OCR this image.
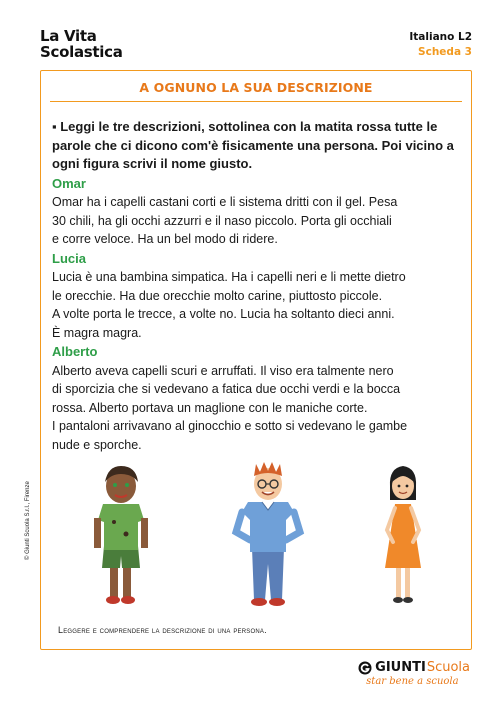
La Vita
Scolastica
Italiano L2
Scheda 3
A OGNUNO LA SUA DESCRIZIONE
▪ Leggi le tre descrizioni, sottolinea con la matita rossa tutte le parole che ci dicono com'è fisicamente una persona. Poi vicino a ogni figura scrivi il nome giusto.
Omar
Omar ha i capelli castani corti e li sistema dritti con il gel. Pesa
30 chili, ha gli occhi azzurri e il naso piccolo. Porta gli occhiali
e corre veloce. Ha un bel modo di ridere.
Lucia
Lucia è una bambina simpatica. Ha i capelli neri e li mette dietro
le orecchie. Ha due orecchie molto carine, piuttosto piccole.
A volte porta le trecce, a volte no. Lucia ha soltanto dieci anni.
È magra magra.
Alberto
Alberto aveva capelli scuri e arruffati. Il viso era talmente nero
di sporcizia che si vedevano a fatica due occhi verdi e la bocca
rossa. Alberto portava un maglione con le maniche corte.
I pantaloni arrivavano al ginocchio e sotto si vedevano le gambe
nude e sporche.
Leggere e comprendere la descrizione di una persona.
© Giunti Scuola S.r.l., Firenze
GIUNTI Scuola
star bene a scuola
